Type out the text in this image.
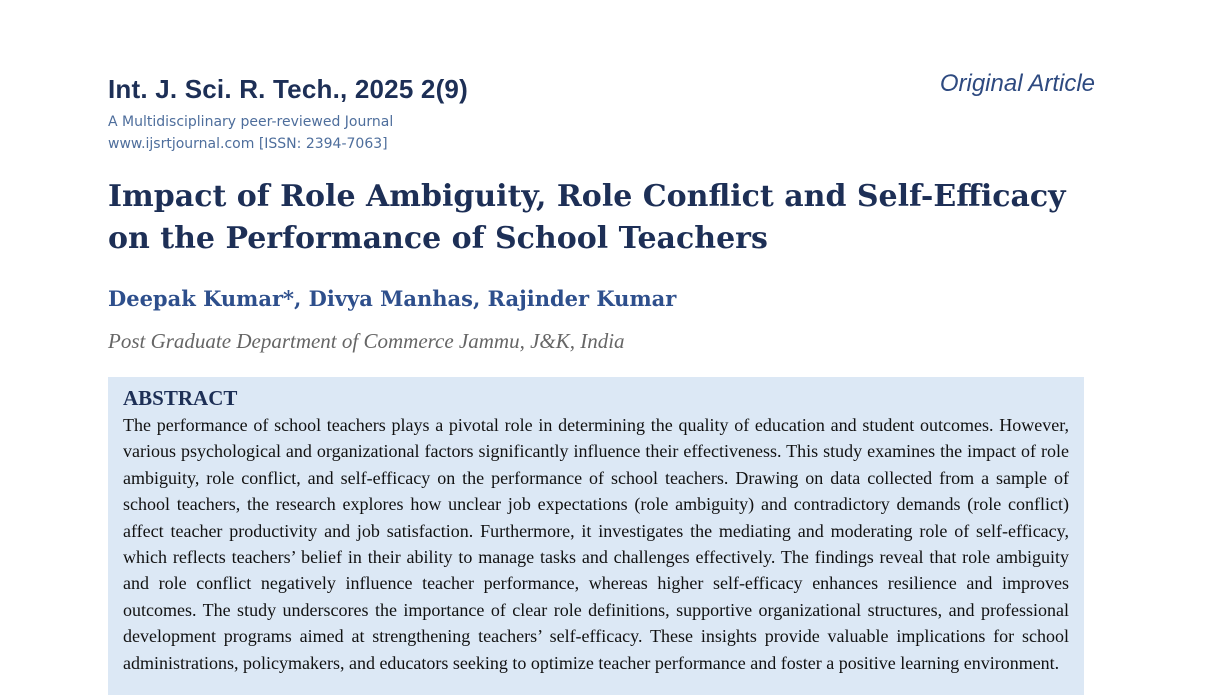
Int. J. Sci. R. Tech., 2025 2(9)	Original Article
A Multidisciplinary peer-reviewed Journal
www.ijsrtjournal.com [ISSN: 2394-7063]
Impact of Role Ambiguity, Role Conflict and Self-Efficacy on the Performance of School Teachers
Deepak Kumar*, Divya Manhas, Rajinder Kumar
Post Graduate Department of Commerce Jammu, J&K, India
ABSTRACT

The performance of school teachers plays a pivotal role in determining the quality of education and student outcomes. However, various psychological and organizational factors significantly influence their effectiveness. This study examines the impact of role ambiguity, role conflict, and self-efficacy on the performance of school teachers. Drawing on data collected from a sample of school teachers, the research explores how unclear job expectations (role ambiguity) and contradictory demands (role conflict) affect teacher productivity and job satisfaction. Furthermore, it investigates the mediating and moderating role of self-efficacy, which reflects teachers’ belief in their ability to manage tasks and challenges effectively. The findings reveal that role ambiguity and role conflict negatively influence teacher performance, whereas higher self-efficacy enhances resilience and improves outcomes. The study underscores the importance of clear role definitions, supportive organizational structures, and professional development programs aimed at strengthening teachers’ self-efficacy. These insights provide valuable implications for school administrations, policymakers, and educators seeking to optimize teacher performance and foster a positive learning environment.
